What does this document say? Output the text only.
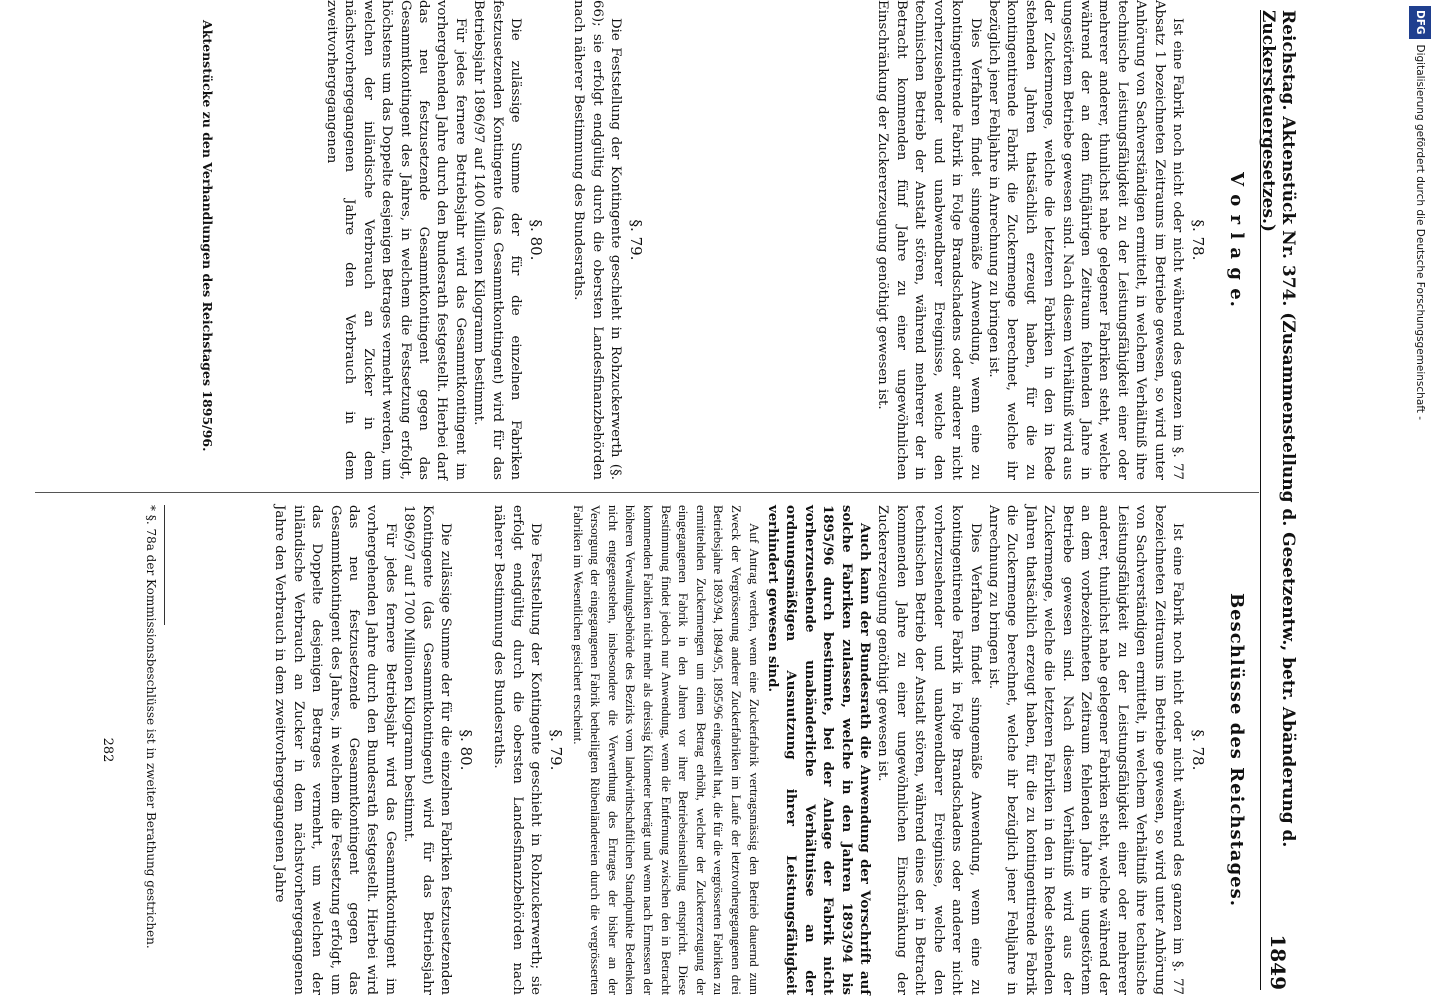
Reichstag. Aktenstück Nr. 374. (Zusammenstellung d. Gesetzentw., betr. Abänderung d. Zuckersteuergesetzes.)
1849
V o r l a g e.
§. 78.

Ist eine Fabrik noch nicht oder nicht während des ganzen im §. 77 Absatz 1 bezeichneten Zeitraums im Betriebe gewesen, so wird unter Anhörung von Sachverständigen ermittelt, in welchem Verhältniß ihre technische Leistungsfähigkeit zu der Leistungsfähigkeit einer oder mehrerer anderer, thunlichst nahe gelegener Fabriken steht, welche während der an dem fünfjährigen Zeitraum fehlenden Jahre in ungestörtem Betriebe gewesen sind. Nach diesem Verhältniß wird aus der Zuckermenge, welche die letzteren Fabriken in den in Rede stehenden Jahren thatsächlich erzeugt haben, für die zu kontingentirende Fabrik die Zuckermenge berechnet, welche ihr bezüglich jener Fehljahre in Anrechnung zu bringen ist.

Dies Verfahren findet sinngemäße Anwendung, wenn eine zu kontingentirende Fabrik in Folge Brandschadens oder anderer nicht vorherzusehender und unabwendbarer Ereignisse, welche den technischen Betrieb der Anstalt stören, während mehrerer der in Betracht kommenden fünf Jahre zu einer ungewöhnlichen Einschränkung der Zuckererzeugung genöthigt gewesen ist.

§. 79.

Die Feststellung der Kontingente geschieht in Rohzuckerwerth (§. 66); sie erfolgt endgültig durch die obersten Landesfinanzbehörden nach näherer Bestimmung des Bundesraths.

§. 80.

Die zulässige Summe der für die einzelnen Fabriken festzusetzenden Kontingente (das Gesammtkontingent) wird für das Betriebsjahr 1896/97 auf 1400 Millionen Kilogramm bestimmt.

Für jedes fernere Betriebsjahr wird das Gesammtkontingent im vorhergehenden Jahre durch den Bundesrath festgestellt. Hierbei darf das neu festzusetzende Gesammtkontingent gegen das Gesammtkontingent des Jahres, in welchem die Festsetzung erfolgt, höchstens um das Doppelte desjenigen Betrages vermehrt werden, um welchen der inländische Verbrauch an Zucker in dem nächstvorhergegangenen Jahre den Verbrauch in dem zweitvorhergegangenen

Aktenstücke zu den Verhandlungen des Reichstages 1895/96.
Beschlüsse des Reichstages.
§. 78.

Ist eine Fabrik noch nicht oder nicht während des ganzen im §. 77 bezeichneten Zeitraums im Betriebe gewesen, so wird unter Anhörung von Sachverständigen ermittelt, in welchem Verhältniß ihre technische Leistungsfähigkeit zu der Leistungsfähigkeit einer oder mehrerer anderer, thunlichst nahe gelegener Fabriken steht, welche während der an dem vorbezeichneten Zeitraum fehlenden Jahre in ungestörtem Betriebe gewesen sind. Nach diesem Verhältniß wird aus der Zuckermenge, welche die letzteren Fabriken in den in Rede stehenden Jahren thatsächlich erzeugt haben, für die zu kontingentirende Fabrik die Zuckermenge berechnet, welche ihr bezüglich jener Fehljahre in Anrechnung zu bringen ist.

Dies Verfahren findet sinngemäße Anwendung, wenn eine zu kontingentirende Fabrik in Folge Brandschadens oder anderer nicht vorherzusehender und unabwendbarer Ereignisse, welche den technischen Betrieb der Anstalt stören, während eines der in Betracht kommenden Jahre zu einer ungewöhnlichen Einschränkung der Zuckererzeugung genöthigt gewesen ist.

Auch kann der Bundesrath die Anwendung der Vorschrift auf solche Fabriken zulassen, welche in den Jahren 1893/94 bis 1895/96 durch bestimmte, bei der Anlage der Fabrik nicht vorherzusehende unabänderliche Verhältnisse an der ordnungsmäßigen Ausnutzung ihrer Leistungsfähigkeit verhindert gewesen sind.

Auf Antrag werden, wenn eine Zuckerfabrik vertragsmässig den Betrieb dauernd zum Zweck der Vergrösserung anderer Zuckerfabriken im Laufe der letztvorhergegangenen drei Betriebsjahre 1893/94, 1894/95, 1895/96 eingestellt hat, die für die vergrösserten Fabriken zu ermittelnden Zuckermengen um einen Betrag erhöht, welcher der Zuckererzeugung der eingegangenen Fabrik in den Jahren vor ihrer Betriebseinstellung entspricht. Diese Bestimmung findet jedoch nur Anwendung, wenn die Entfernung zwischen den in Betracht kommenden Fabriken nicht mehr als dreissig Kilometer beträgt und wenn nach Ermessen der höheren Verwaltungsbehörde des Bezirks vom landwirthschaftlichen Standpunkte Bedenken nicht entgegenstehen, insbesondere die Verwerthung des Ertrages der bisher an der Versorgung der eingegangenen Fabrik betheiligten Rübenländereien durch die vergrösserten Fabriken im Wesentlichen gesichert erscheint.

§. 79.

Die Feststellung der Kontingente geschieht in Rohzuckerwerth; sie erfolgt endgültig durch die obersten Landesfinanzbehörden nach näherer Bestimmung des Bundesraths.

§. 80.

Die zulässige Summe der für die einzelnen Fabriken festzusetzenden Kontingente (das Gesammtkontingent) wird für das Betriebsjahr 1896/97 auf 1700 Millionen Kilogramm bestimmt.

Für jedes fernere Betriebsjahr wird das Gesammtkontingent im vorhergehenden Jahre durch den Bundesrath festgestellt. Hierbei wird das neu festzusetzende Gesammtkontingent gegen das Gesammtkontingent des Jahres, in welchem die Festsetzung erfolgt, um das Doppelte desjenigen Betrages vermehrt, um welchen der inländische Verbrauch an Zucker in dem nächstvorhergegangenen Jahre den Verbrauch in dem zweitvorhergegangenen Jahre

* §. 78a der Kommissionsbeschlüsse ist in zweiter Berathung gestrichen.
282
DFGDigitalisierung gefördert durch die Deutsche Forschungsgemeinschaft -
